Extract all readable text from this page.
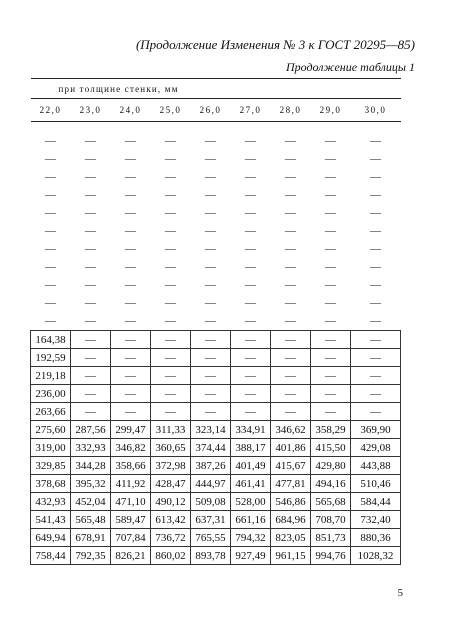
(Продолжение Изменения № 3 к ГОСТ 20295—85)
Продолжение таблицы 1
при толщине стенки, мм								
22,0	23,0	24,0	25,0	26,0	27,0	28,0	29,0	30,0

—	—	—	—	—	—	—	—	—
—	—	—	—	—	—	—	—	—
—	—	—	—	—	—	—	—	—
—	—	—	—	—	—	—	—	—
—	—	—	—	—	—	—	—	—
—	—	—	—	—	—	—	—	—
—	—	—	—	—	—	—	—	—
—	—	—	—	—	—	—	—	—
—	—	—	—	—	—	—	—	—
—	—	—	—	—	—	—	—	—
—	—	—	—	—	—	—	—	—
164,38	—	—	—	—	—	—	—	—
192,59	—	—	—	—	—	—	—	—
219,18	—	—	—	—	—	—	—	—
236,00	—	—	—	—	—	—	—	—
263,66	—	—	—	—	—	—	—	—
275,60	287,56	299,47	311,33	323,14	334,91	346,62	358,29	369,90
319,00	332,93	346,82	360,65	374,44	388,17	401,86	415,50	429,08
329,85	344,28	358,66	372,98	387,26	401,49	415,67	429,80	443,88
378,68	395,32	411,92	428,47	444,97	461,41	477,81	494,16	510,46
432,93	452,04	471,10	490,12	509,08	528,00	546,86	565,68	584,44
541,43	565,48	589,47	613,42	637,31	661,16	684,96	708,70	732,40
649,94	678,91	707,84	736,72	765,55	794,32	823,05	851,73	880,36
758,44	792,35	826,21	860,02	893,78	927,49	961,15	994,76	1028,32
5
